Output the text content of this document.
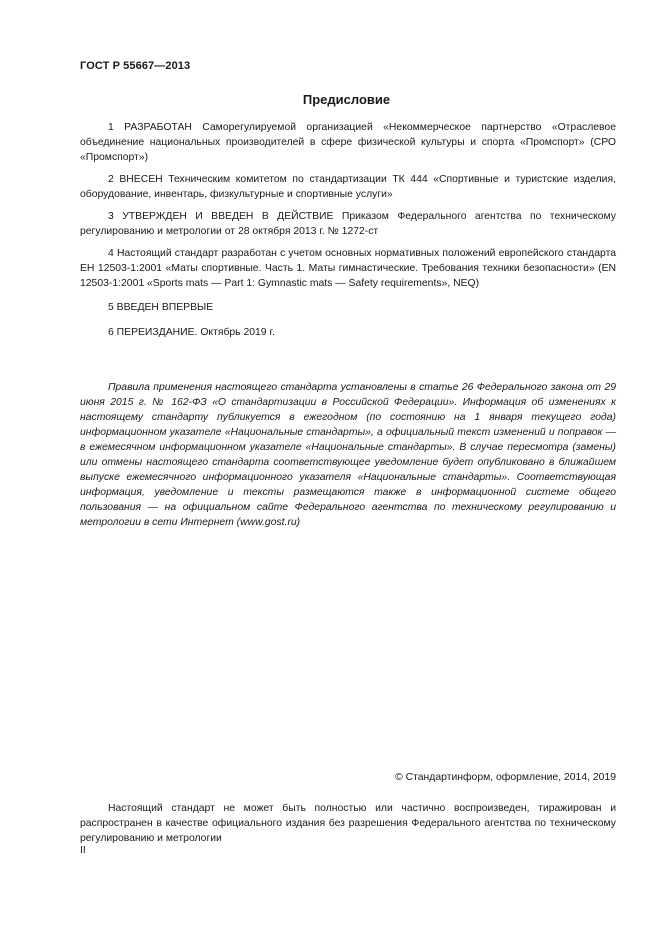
ГОСТ Р 55667—2013
Предисловие

1 РАЗРАБОТАН Саморегулируемой организацией «Некоммерческое партнерство «Отраслевое объединение национальных производителей в сфере физической культуры и спорта «Промспорт» (СРО «Промспорт»)

2 ВНЕСЕН Техническим комитетом по стандартизации ТК 444 «Спортивные и туристские изделия, оборудование, инвентарь, физкультурные и спортивные услуги»

3 УТВЕРЖДЕН И ВВЕДЕН В ДЕЙСТВИЕ Приказом Федерального агентства по техническому регулированию и метрологии от 28 октября 2013 г. № 1272-ст

4 Настоящий стандарт разработан с учетом основных нормативных положений европейского стандарта ЕН 12503-1:2001 «Маты спортивные. Часть 1. Маты гимнастические. Требования техники безопасности» (EN 12503-1:2001 «Sports mats — Part 1: Gymnastic mats — Safety requirements», NEQ)

5 ВВЕДЕН ВПЕРВЫЕ

6 ПЕРЕИЗДАНИЕ. Октябрь 2019 г.

Правила применения настоящего стандарта установлены в статье 26 Федерального закона от 29 июня 2015 г. № 162-ФЗ «О стандартизации в Российской Федерации». Информация об изменениях к настоящему стандарту публикуется в ежегодном (по состоянию на 1 января текущего года) информационном указателе «Национальные стандарты», а официальный текст изменений и поправок — в ежемесячном информационном указателе «Национальные стандарты». В случае пересмотра (замены) или отмены настоящего стандарта соответствующее уведомление будет опубликовано в ближайшем выпуске ежемесячного информационного указателя «Национальные стандарты». Соответствующая информация, уведомление и тексты размещаются также в информационной системе общего пользования — на официальном сайте Федерального агентства по техническому регулированию и метрологии в сети Интернет (www.gost.ru)

© Стандартинформ, оформление, 2014, 2019

Настоящий стандарт не может быть полностью или частично воспроизведен, тиражирован и распространен в качестве официального издания без разрешения Федерального агентства по техническому регулированию и метрологии

II
